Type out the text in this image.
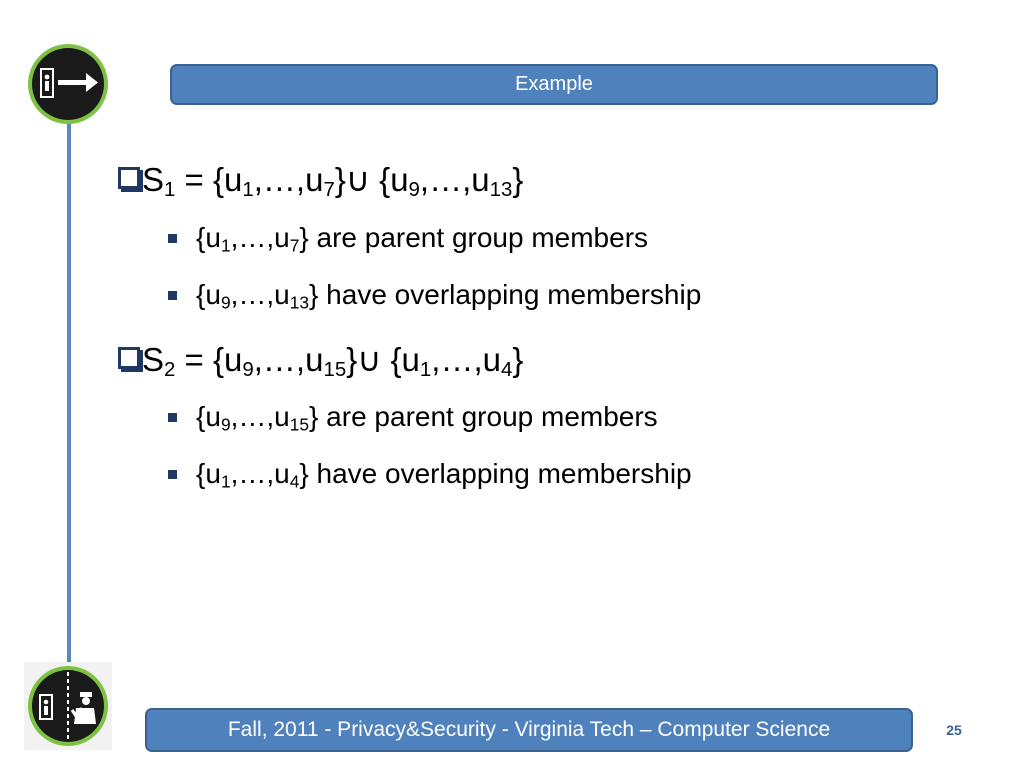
Example
$S_1$ = $\{u_1,\dots,u_7\}\cup$ $\{u_9,\dots,u_{13}\}$
$\{u_1,\dots,u_7\}$ are parent group members
$\{u_9,\dots,u_{13}\}$ have overlapping membership
$S_2$ = $\{u_9,\dots,u_{15}\}\cup$ $\{u_1,\dots,u_4\}$
$\{u_9,\dots,u_{15}\}$ are parent group members
$\{u_1,\dots,u_4\}$ have overlapping membership
Fall, 2011 - Privacy&Security - Virginia Tech – Computer Science	25
